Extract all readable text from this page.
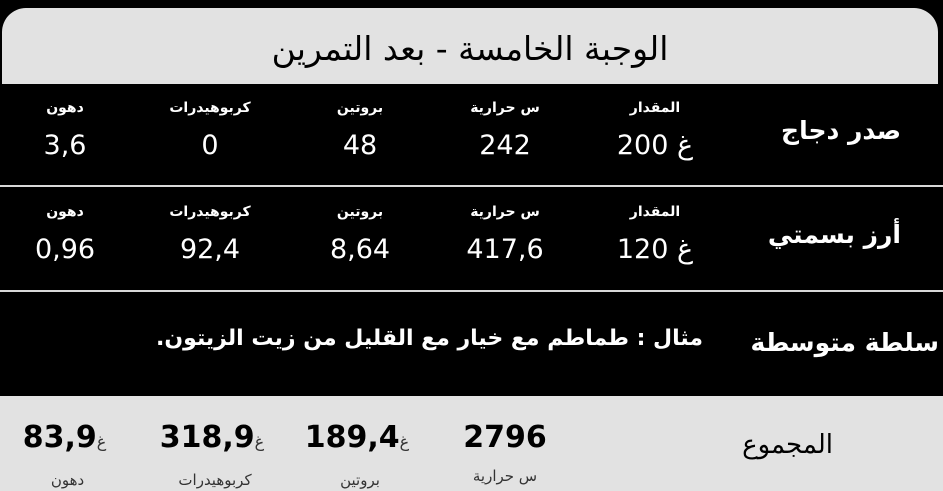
الوجبة الخامسة - بعد التمرين
صدر دجاج
المقدار
200 غ
س حرارية
242
بروتين
48
كربوهيدرات
0
دهون
3,6
أرز بسمتي
المقدار
120 غ
س حرارية
417,6
بروتين
8,64
كربوهيدرات
92,4
دهون
0,96
سلطة متوسطة
مثال : طماطم مع خيار مع القليل من زيت الزيتون.
المجموع
2796
س حرارية
غ189,4
بروتين
غ318,9
كربوهيدرات
غ83,9
دهون
